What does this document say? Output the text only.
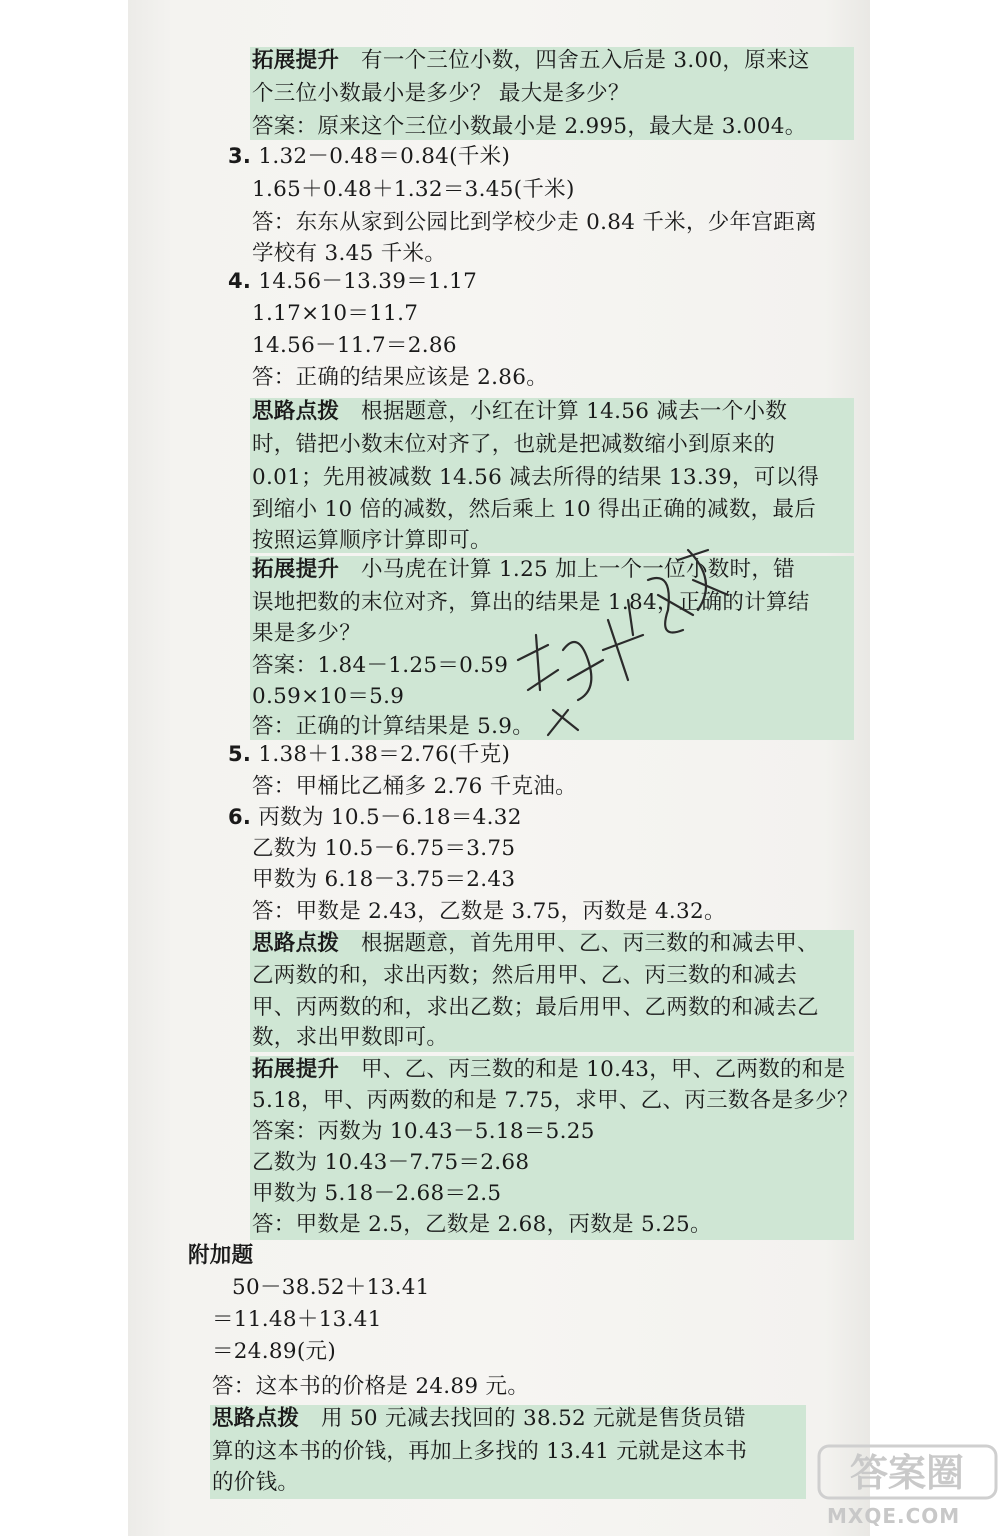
拓展提升　 有一个三位小数，四舍五入后是 3.00，原来这
个三位小数最小是多少？ 最大是多少？
答案：原来这个三位小数最小是 2.995，最大是 3.004。
3. 1.32－0.48＝0.84(千米)
1.65＋0.48＋1.32＝3.45(千米)
答：东东从家到公园比到学校少走 0.84 千米，少年宫距离
学校有 3.45 千米。
4. 14.56－13.39＝1.17
1.17×10＝11.7
14.56－11.7＝2.86
答：正确的结果应该是 2.86。
思路点拨　 根据题意，小红在计算 14.56 减去一个小数
时，错把小数末位对齐了，也就是把减数缩小到原来的
0.01；先用被减数 14.56 减去所得的结果 13.39，可以得
到缩小 10 倍的减数，然后乘上 10 得出正确的减数，最后
按照运算顺序计算即可。
拓展提升　 小马虎在计算 1.25 加上一个一位小数时，错
误地把数的末位对齐，算出的结果是 1.84，正确的计算结
果是多少？
答案：1.84－1.25＝0.59
0.59×10＝5.9
答：正确的计算结果是 5.9。
5. 1.38＋1.38＝2.76(千克)
答：甲桶比乙桶多 2.76 千克油。
6. 丙数为 10.5－6.18＝4.32
乙数为 10.5－6.75＝3.75
甲数为 6.18－3.75＝2.43
答：甲数是 2.43，乙数是 3.75，丙数是 4.32。
思路点拨　 根据题意，首先用甲、乙、丙三数的和减去甲、
乙两数的和，求出丙数；然后用甲、乙、丙三数的和减去
甲、丙两数的和，求出乙数；最后用甲、乙两数的和减去乙
数，求出甲数即可。
拓展提升　 甲、乙、丙三数的和是 10.43，甲、乙两数的和是
5.18，甲、丙两数的和是 7.75，求甲、乙、丙三数各是多少？
答案：丙数为 10.43－5.18＝5.25
乙数为 10.43－7.75＝2.68
甲数为 5.18－2.68＝2.5
答：甲数是 2.5，乙数是 2.68，丙数是 5.25。
附加题
50－38.52＋13.41
＝11.48＋13.41
＝24.89(元)
答：这本书的价格是 24.89 元。
思路点拨　 用 50 元减去找回的 38.52 元就是售货员错
算的这本书的价钱，再加上多找的 13.41 元就是这本书
的价钱。	答案圈
MXQE.COM
